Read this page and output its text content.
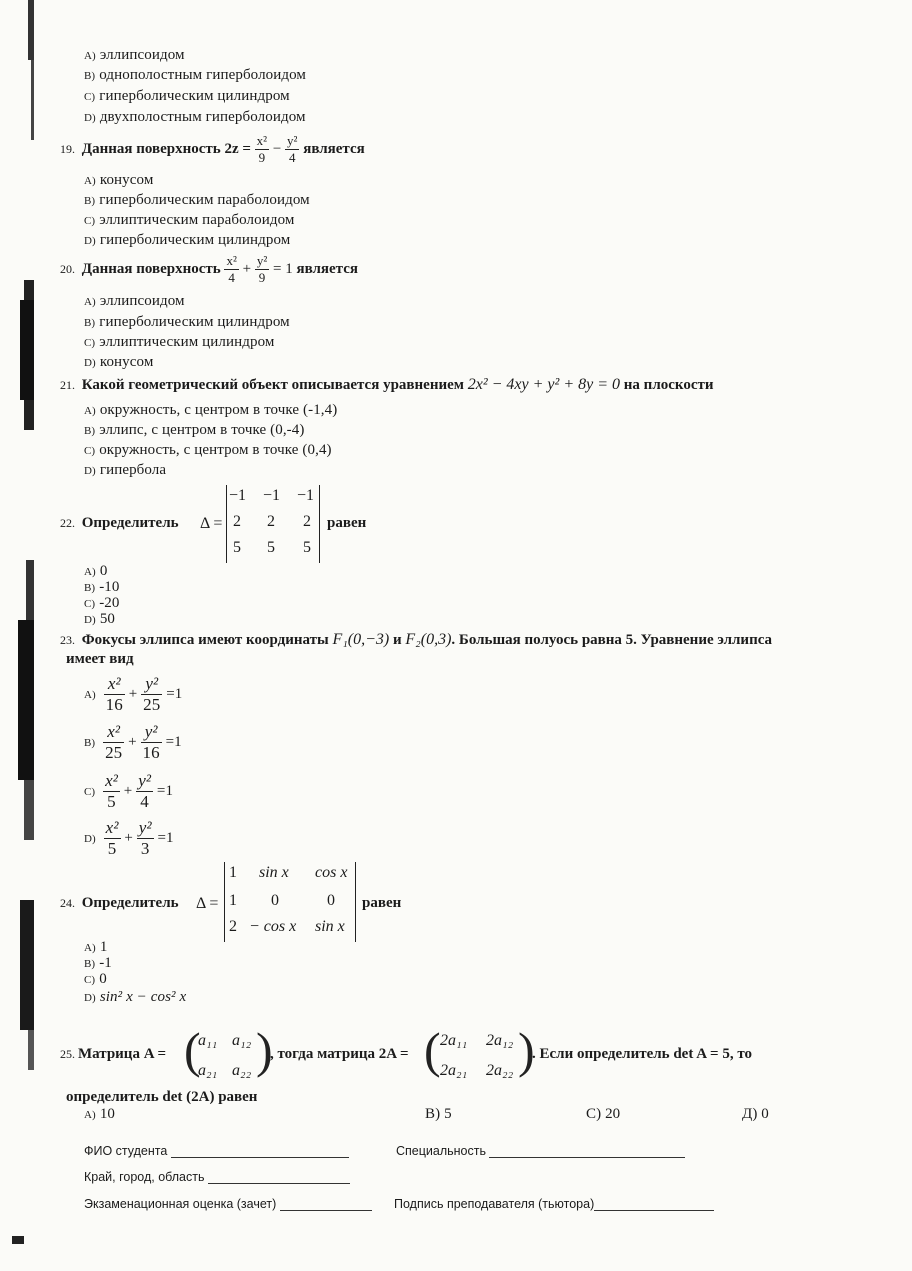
A) эллипсоидом
B) однополостным гиперболоидом
C) гиперболическим цилиндром
D) двухполостным гиперболоидом
19. Данная поверхность $2z = \frac{\text{x²}}{9} - \frac{\text{y²}}{4}$ является
A) конусом
B) гиперболическим параболоидом
C) эллиптическим параболоидом
D) гиперболическим цилиндром
20. Данная поверхность $\frac{\text{x²}}{4} + \frac{\text{y²}}{9} = 1$ является
A) эллипсоидом
B) гиперболическим цилиндром
C) эллиптическим цилиндром
D) конусом
21. Какой геометрический объект описывается уравнением 2x² − 4xy + y² + 8y = 0 на плоскости
A) окружность, с центром в точке (-1,4)
B) эллипс, с центром в точке (0,-4)
C) окружность, с центром в точке (0,4)
D) гипербола
22. Определитель Δ =
−1 −1 −1
2 2 2
5 5 5
равен
A) 0
B) -10
C) -20
D) 50
23. Фокусы эллипса имеют координаты F₁(0,−3) и F₂(0,3). Большая полуось равна 5. Уравнение эллипса
имеет вид
$A) \frac{\text{x²}}{16} + \frac{\text{y²}}{25} =1$
$B) \frac{\text{x²}}{25} + \frac{\text{y²}}{16} =1$
$C) \frac{\text{x²}}{5} + \frac{\text{y²}}{4} =1$
$D) \frac{\text{x²}}{5} + \frac{\text{y²}}{3} =1$
24. Определитель Δ =
1 sin x cos x
1 0	0
2 − cos x sin x
равен
A) 1
B) -1
C) 0
D) sin² x − cos² x
25. Матрица A = (
a₁₁ a₁₂
a₂₁ a₂₂ )
, тогда матрица 2A = ( 2a₁₁ 2a₁₂
2a₂₁ 2a₂₂ )
. Если определитель det A = 5, то
определитель det (2A) равен
A) 10	B) 5	C) 20	Д) 0
ФИО студента	Специальность
Край, город, область
Экзаменационная оценка (зачет)	Подпись преподавателя (тьютора)
